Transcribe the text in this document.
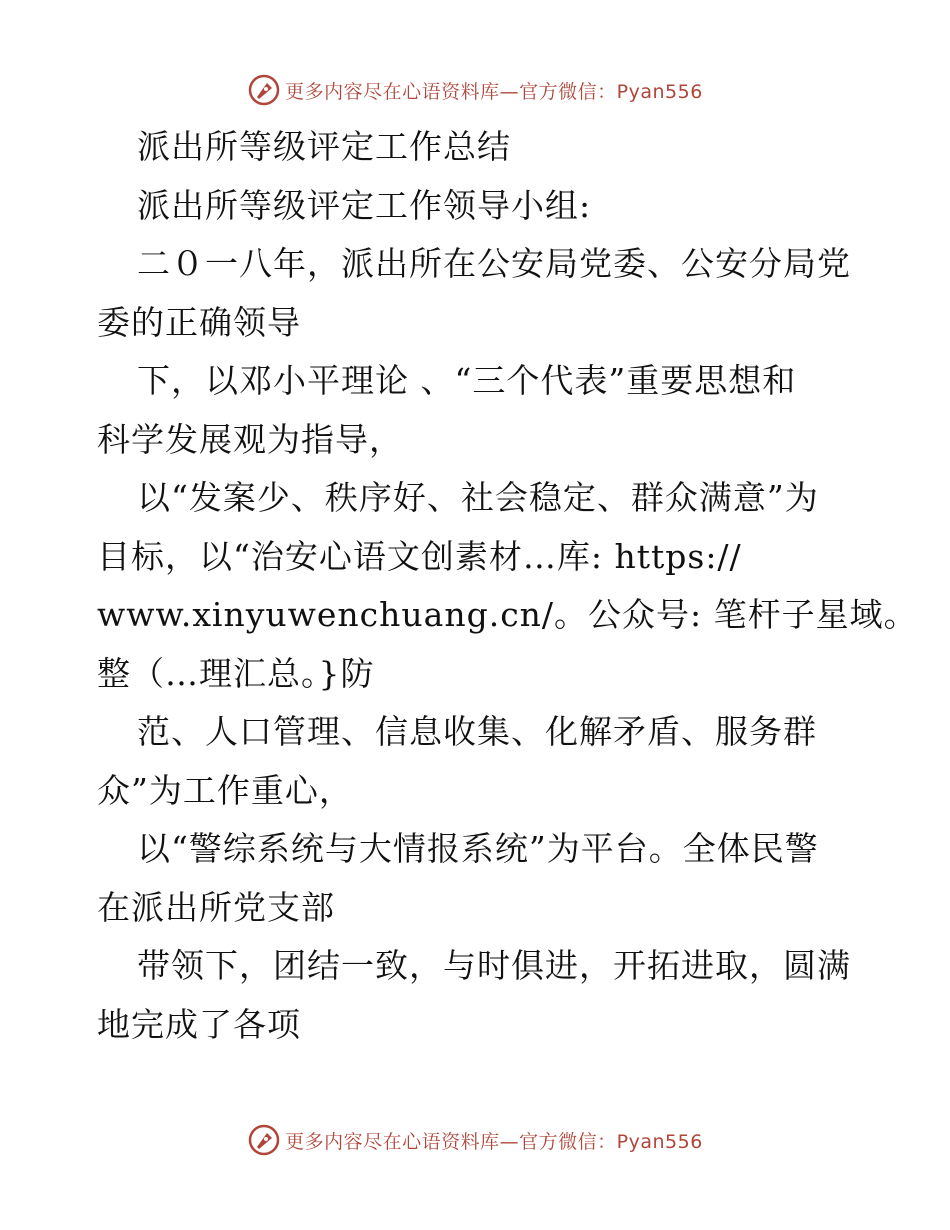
更多内容尽在心语资料库—官方微信：Pyan556
派出所等级评定工作总结
派出所等级评定工作领导小组:
二０一八年，派出所在公安局党委、公安分局党
委的正确领导
下，以邓小平理论 、“三个代表”重要思想和
科学发展观为指导，
以“发案少、秩序好、社会稳定、群众满意”为
目标，以“治安心语文创素材…库: https://
www.xinyuwenchuang.cn/。公众号: 笔杆子星域。
整（…理汇总。}防
范、人口管理、信息收集、化解矛盾、服务群
众”为工作重心，
以“警综系统与大情报系统”为平台。全体民警
在派出所党支部
带领下，团结一致，与时俱进，开拓进取，圆满
地完成了各项
更多内容尽在心语资料库—官方微信：Pyan556
